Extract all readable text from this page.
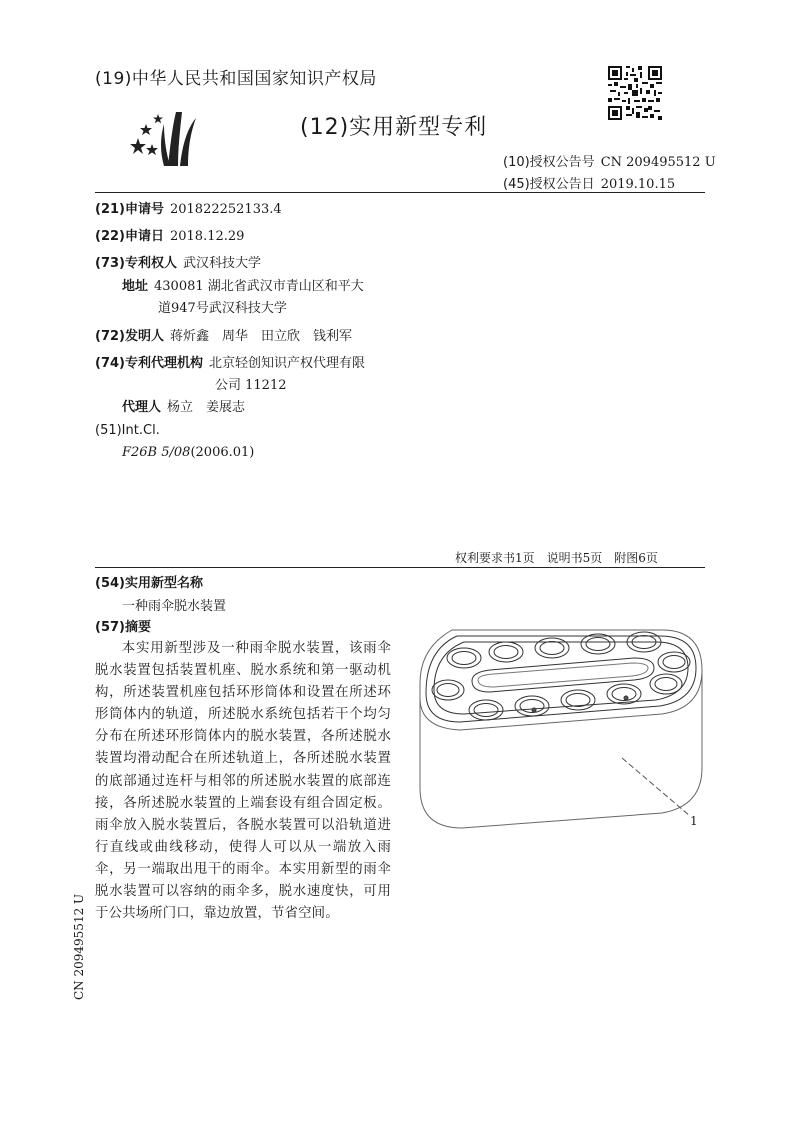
(19)中华人民共和国国家知识产权局
(12)实用新型专利
(10)授权公告号 CN 209495512 U
(45)授权公告日 2019.10.15
(21)申请号 201822252133.4
(22)申请日 2018.12.29
(73)专利权人 武汉科技大学
地址 430081 湖北省武汉市青山区和平大
道947号武汉科技大学
(72)发明人 蒋炘鑫　周华　田立欣　钱利军
(74)专利代理机构 北京轻创知识产权代理有限
公司 11212
代理人 杨立　姜展志
(51)Int.Cl.
F26B 5/08(2006.01)
权利要求书1页　说明书5页　附图6页
(54)实用新型名称
一种雨伞脱水装置
(57)摘要

本实用新型涉及一种雨伞脱水装置，该雨伞脱水装置包括装置机座、脱水系统和第一驱动机构，所述装置机座包括环形筒体和设置在所述环形筒体内的轨道，所述脱水系统包括若干个均匀分布在所述环形筒体内的脱水装置，各所述脱水装置均滑动配合在所述轨道上，各所述脱水装置的底部通过连杆与相邻的所述脱水装置的底部连接，各所述脱水装置的上端套设有组合固定板。雨伞放入脱水装置后，各脱水装置可以沿轨道进行直线或曲线移动，使得人可以从一端放入雨伞，另一端取出甩干的雨伞。本实用新型的雨伞脱水装置可以容纳的雨伞多，脱水速度快，可用于公共场所门口，靠边放置，节省空间。

1
CN 209495512 U
